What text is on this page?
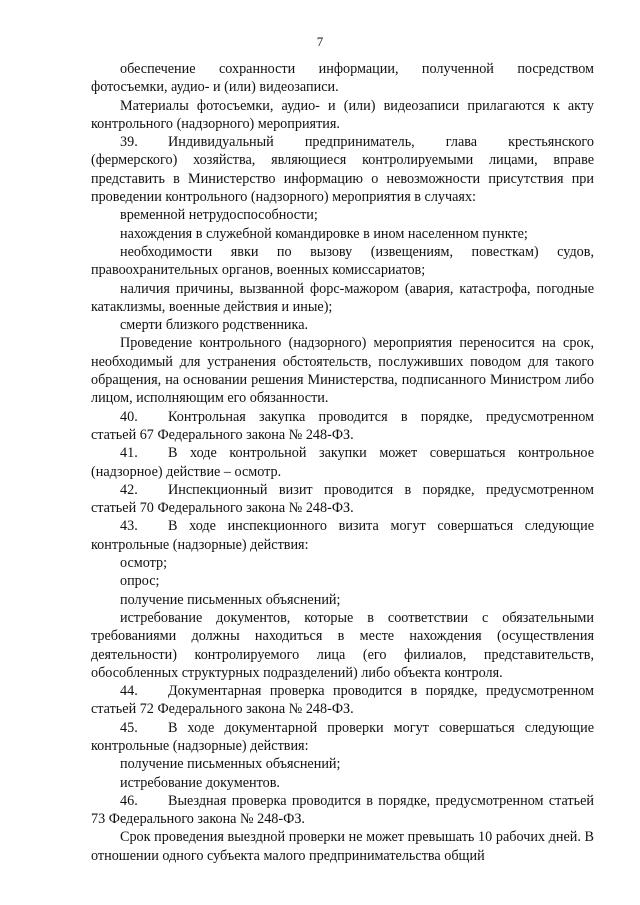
7

обеспечение сохранности информации, полученной посредством фотосъемки, аудио- и (или) видеозаписи.

Материалы фотосъемки, аудио- и (или) видеозаписи прилагаются к акту контрольного (надзорного) мероприятия.

39. Индивидуальный предприниматель, глава крестьянского (фермерского) хозяйства, являющиеся контролируемыми лицами, вправе представить в Министерство информацию о невозможности присутствия при проведении контрольного (надзорного) мероприятия в случаях:

временной нетрудоспособности;

нахождения в служебной командировке в ином населенном пункте;

необходимости явки по вызову (извещениям, повесткам) судов, правоохранительных органов, военных комиссариатов;

наличия причины, вызванной форс-мажором (авария, катастрофа, погодные катаклизмы, военные действия и иные);

смерти близкого родственника.

Проведение контрольного (надзорного) мероприятия переносится на срок, необходимый для устранения обстоятельств, послуживших поводом для такого обращения, на основании решения Министерства, подписанного Министром либо лицом, исполняющим его обязанности.

40. Контрольная закупка проводится в порядке, предусмотренном статьей 67 Федерального закона № 248-ФЗ.

41. В ходе контрольной закупки может совершаться контрольное (надзорное) действие – осмотр.

42. Инспекционный визит проводится в порядке, предусмотренном статьей 70 Федерального закона № 248-ФЗ.

43. В ходе инспекционного визита могут совершаться следующие контрольные (надзорные) действия:

осмотр;

опрос;

получение письменных объяснений;

истребование документов, которые в соответствии с обязательными требованиями должны находиться в месте нахождения (осуществления деятельности) контролируемого лица (его филиалов, представительств, обособленных структурных подразделений) либо объекта контроля.

44. Документарная проверка проводится в порядке, предусмотренном статьей 72 Федерального закона № 248-ФЗ.

45. В ходе документарной проверки могут совершаться следующие контрольные (надзорные) действия:

получение письменных объяснений;

истребование документов.

46. Выездная проверка проводится в порядке, предусмотренном статьей 73 Федерального закона № 248-ФЗ.

Срок проведения выездной проверки не может превышать 10 рабочих дней. В отношении одного субъекта малого предпринимательства общий
